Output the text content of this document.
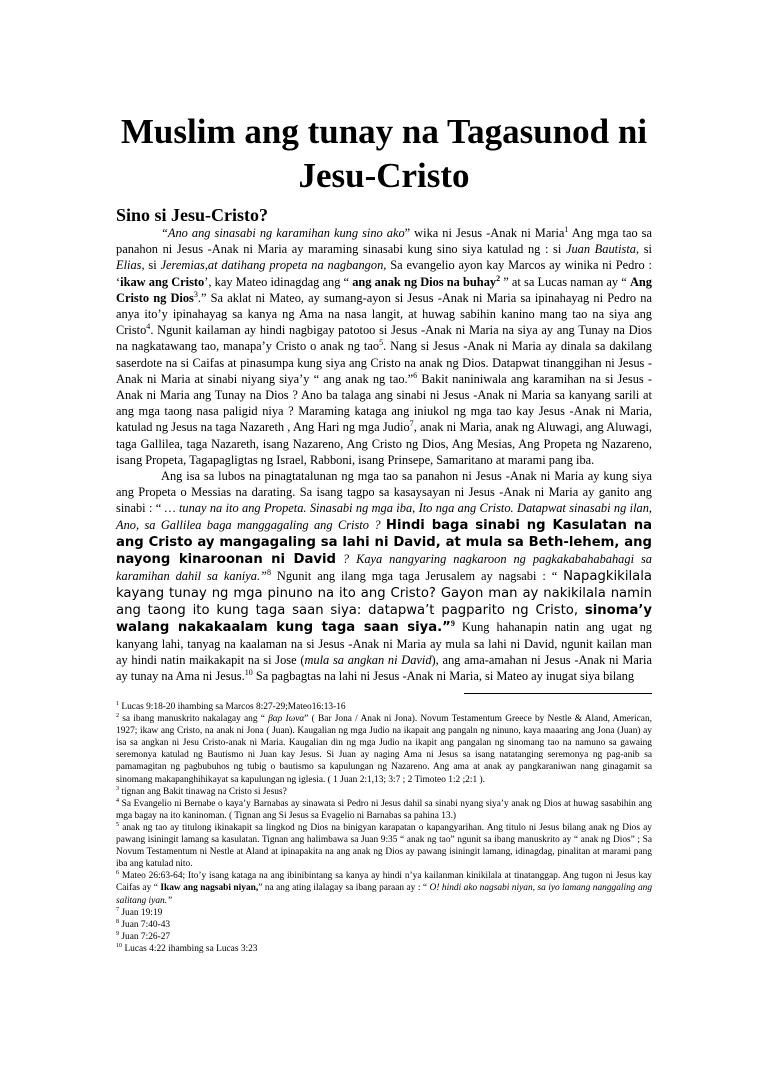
Muslim ang tunay na Tagasunod ni Jesu-Cristo
Sino si Jesu-Cristo?

“Ano ang sinasabi ng karamihan kung sino ako” wika ni Jesus -Anak ni Maria$^1$ Ang mga tao sa panahon ni Jesus -Anak ni Maria ay maraming sinasabi kung sino siya katulad ng : si Juan Bautista, si Elias, si Jeremias,at datihang propeta na nagbangon, Sa evangelio ayon kay Marcos ay winika ni Pedro : ‘ikaw ang Cristo’, kay Mateo idinagdag ang “ ang anak ng Dios na buhay$^2$ ” at sa Lucas naman ay “ Ang Cristo ng Dios$^3$.” Sa aklat ni Mateo, ay sumang-ayon si Jesus -Anak ni Maria sa ipinahayag ni Pedro na anya ito’y ipinahayag sa kanya ng Ama na nasa langit, at huwag sabihin kanino mang tao na siya ang Cristo$^4$. Ngunit kailaman ay hindi nagbigay patotoo si Jesus -Anak ni Maria na siya ay ang Tunay na Dios na nagkatawang tao, manapa’y Cristo o anak ng tao$^5$. Nang si Jesus -Anak ni Maria ay dinala sa dakilang saserdote na si Caifas at pinasumpa kung siya ang Cristo na anak ng Dios. Datapwat tinanggihan ni Jesus -Anak ni Maria at sinabi niyang siya’y “ ang anak ng tao.”$^6$ Bakit naniniwala ang karamihan na si Jesus -Anak ni Maria ang Tunay na Dios ? Ano ba talaga ang sinabi ni Jesus -Anak ni Maria sa kanyang sarili at ang mga taong nasa paligid niya ? Maraming kataga ang iniukol ng mga tao kay Jesus -Anak ni Maria, katulad ng Jesus na taga Nazareth , Ang Hari ng mga Judio$^7$, anak ni Maria, anak ng Aluwagi, ang Aluwagi, taga Gallilea, taga Nazareth, isang Nazareno, Ang Cristo ng Dios, Ang Mesias, Ang Propeta ng Nazareno, isang Propeta, Tagapagligtas ng Israel, Rabboni, isang Prinsepe, Samaritano at marami pang iba.

Ang isa sa lubos na pinagtatalunan ng mga tao sa panahon ni Jesus -Anak ni Maria ay kung siya ang Propeta o Messias na darating. Sa isang tagpo sa kasaysayan ni Jesus -Anak ni Maria ay ganito ang sinabi : “ … tunay na ito ang Propeta. Sinasabi ng mga iba, Ito nga ang Cristo. Datapwat sinasabi ng ilan, Ano, sa Gallilea baga manggagaling ang Cristo ? Hindi baga sinabi ng Kasulatan na ang Cristo ay mangagaling sa lahi ni David, at mula sa Beth-lehem, ang nayong kinaroonan ni David ? Kaya nangyaring nagkaroon ng pagkakabahabahagi sa karamihan dahil sa kaniya.”$^8$ Ngunit ang ilang mga taga Jerusalem ay nagsabi : “ Napagkikilala kayang tunay ng mga pinuno na ito ang Cristo? Gayon man ay nakikilala namin ang taong ito kung taga saan siya: datapwa’t pagparito ng Cristo, sinoma’y walang nakakaalam kung taga saan siya.”$^9$ Kung hahanapin natin ang ugat ng kanyang lahi, tanyag na kaalaman na si Jesus -Anak ni Maria ay mula sa lahi ni David, ngunit kailan man ay hindi natin maikakapit na si Jose (mula sa angkan ni David), ang ama-amahan ni Jesus -Anak ni Maria ay tunay na Ama ni Jesus.$^{10}$ Sa pagbagtas na lahi ni Jesus -Anak ni Maria, si Mateo ay inugat siya bilang

$^1$ Lucas 9:18-20 ihambing sa Marcos 8:27-29;Mateo16:13-16

$^2$ sa ibang manuskrito nakalagay ang “ βαρ Ιωνα” ( Bar Jona / Anak ni Jona). Novum Testamentum Greece by Nestle & Aland, American, 1927; ikaw ang Cristo, na anak ni Jona ( Juan). Kaugalian ng mga Judio na ikapait ang pangaln ng ninuno, kaya maaaring ang Jona (Juan) ay isa sa angkan ni Jesu Cristo-anak ni Maria. Kaugalian din ng mga Judio na ikapit ang pangalan ng sinomang tao na namuno sa gawaing seremonya katulad ng Bautismo ni Juan kay Jesus. Si Juan ay naging Ama ni Jesus sa isang natatanging seremonya ng pag-anib sa pamamagitan ng pagbubuhos ng tubig o bautismo sa kapulungan ng Nazareno. Ang ama at anak ay pangkaraniwan nang ginagamit sa sinomang makapanghihikayat sa kapulungan ng iglesia. ( 1 Juan 2:1,13; 3:7 ; 2 Timoteo 1:2 ;2:1 ).

$^3$ tignan ang Bakit tinawag na Cristo si Jesus?

$^4$ Sa Evangelio ni Bernabe o kaya’y Barnabas ay sinawata si Pedro ni Jesus dahil sa sinabi nyang siya’y anak ng Dios at huwag sasabihin ang mga bagay na ito kaninoman. ( Tignan ang Si Jesus sa Evagelio ni Barnabas sa pahina 13.)

$^5$ anak ng tao ay titulong ikinakapit sa lingkod ng Dios na binigyan karapatan o kapangyarihan. Ang titulo ni Jesus bilang anak ng Dios ay pawang isiningit lamang sa kasulatan. Tignan ang halimbawa sa Juan 9:35 “ anak ng tao” ngunit sa ibang manuskrito ay “ anak ng Dios” ; Sa Novum Testamentum ni Nestle at Aland at ipinapakita na ang anak ng Dios ay pawang isiningit lamang, idinagdag, pinalitan at marami pang iba ang katulad nito.

$^6$ Mateo 26:63-64; Ito’y isang kataga na ang ibinibintang sa kanya ay hindi n’ya kailanman kinikilala at tinatanggap. Ang tugon ni Jesus kay Caifas ay “ Ikaw ang nagsabi niyan,” na ang ating ilalagay sa ibang paraan ay : “ O! hindi ako nagsabi niyan, sa iyo lamang nanggaling ang salitang iyan.”

$^7$ Juan 19:19

$^8$ Juan 7:40-43

$^9$ Juan 7:26-27

$^{10}$ Lucas 4:22 ihambing sa Lucas 3:23
